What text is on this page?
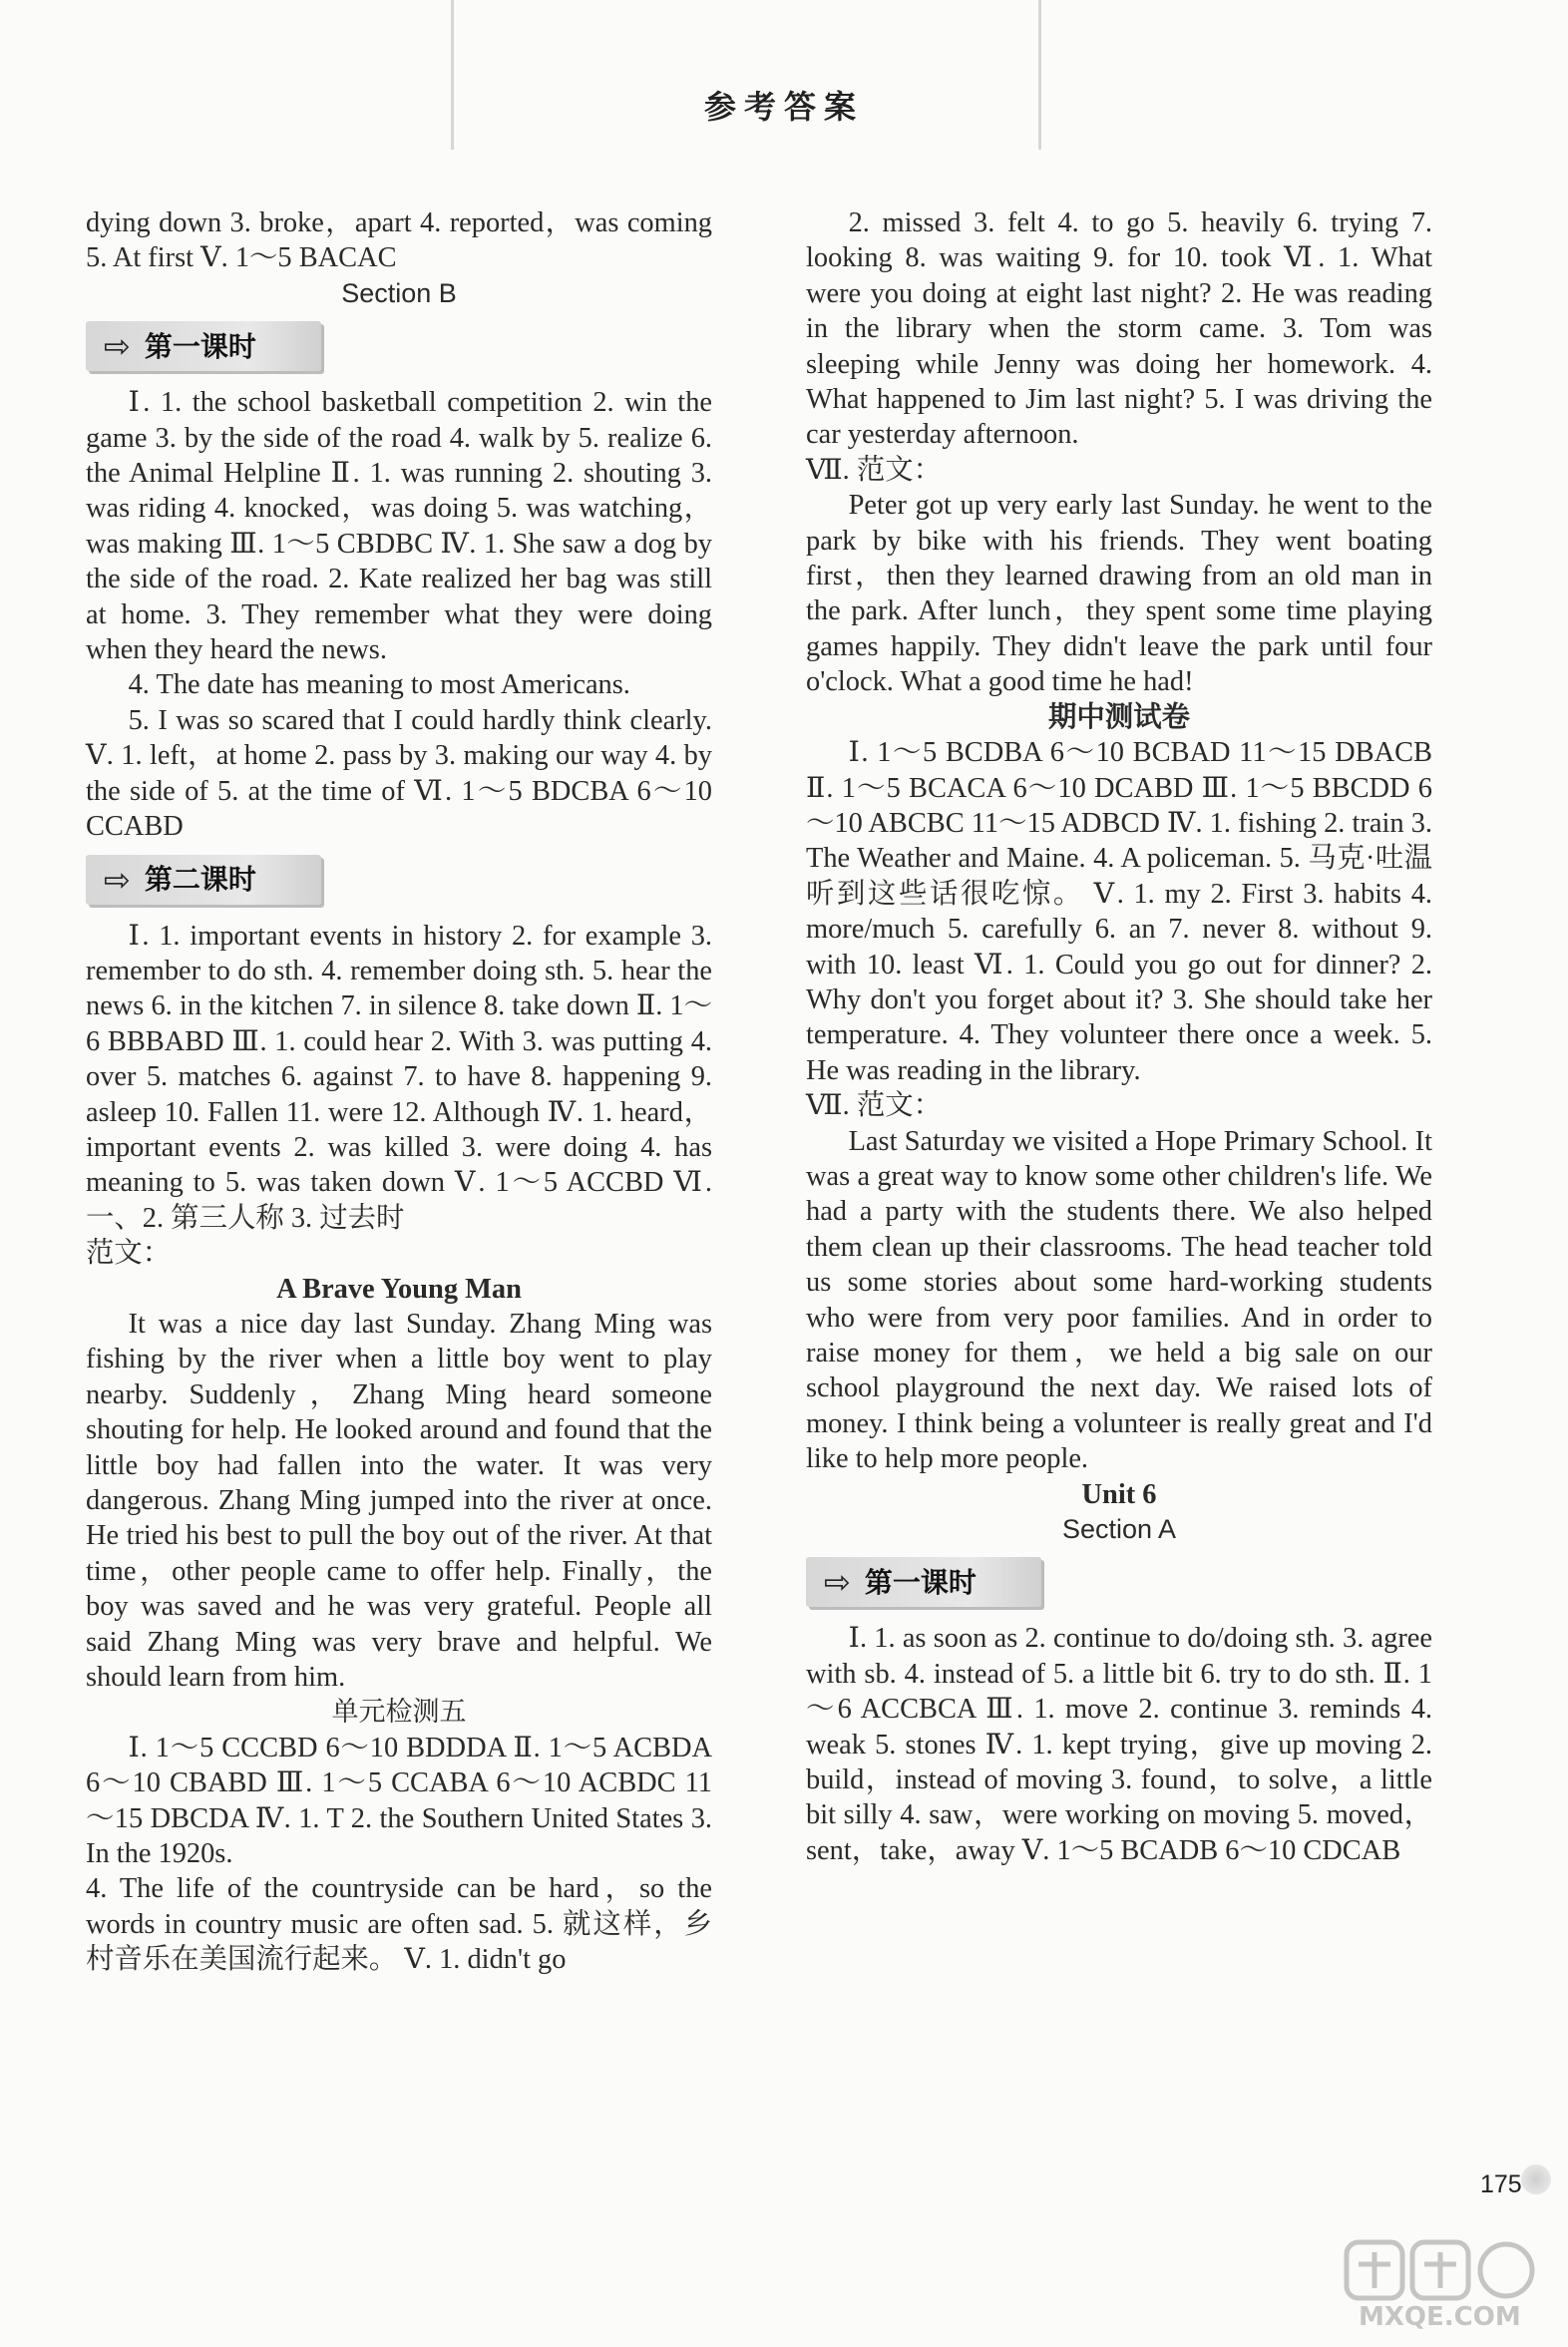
参考答案

dying down 3. broke，apart 4. reported，was coming 5. At first Ⅴ. 1～5 BACAC

Section B

⇨ 第一课时

Ⅰ. 1. the school basketball competition 2. win the game 3. by the side of the road 4. walk by 5. realize 6. the Animal Helpline Ⅱ. 1. was running 2. shouting 3. was riding 4. knocked，was doing 5. was watching，was making Ⅲ. 1～5 CBDBC Ⅳ. 1. She saw a dog by the side of the road. 2. Kate realized her bag was still at home. 3. They remember what they were doing when they heard the news.

4. The date has meaning to most Americans.

5. I was so scared that I could hardly think clearly. Ⅴ. 1. left，at home 2. pass by 3. making our way 4. by the side of 5. at the time of Ⅵ. 1～5 BDCBA 6～10 CCABD

⇨ 第二课时

Ⅰ. 1. important events in history 2. for example 3. remember to do sth. 4. remember doing sth. 5. hear the news 6. in the kitchen 7. in silence 8. take down Ⅱ. 1～6 BBBABD Ⅲ. 1. could hear 2. With 3. was putting 4. over 5. matches 6. against 7. to have 8. happening 9. asleep 10. Fallen 11. were 12. Although Ⅳ. 1. heard，important events 2. was killed 3. were doing 4. has meaning to 5. was taken down Ⅴ. 1～5 ACCBD Ⅵ. 一、2. 第三人称 3. 过去时

范文：

A Brave Young Man

It was a nice day last Sunday. Zhang Ming was fishing by the river when a little boy went to play nearby. Suddenly，Zhang Ming heard someone shouting for help. He looked around and found that the little boy had fallen into the water. It was very dangerous. Zhang Ming jumped into the river at once. He tried his best to pull the boy out of the river. At that time，other people came to offer help. Finally，the boy was saved and he was very grateful. People all said Zhang Ming was very brave and helpful. We should learn from him.

单元检测五

Ⅰ. 1～5 CCCBD 6～10 BDDDA Ⅱ. 1～5 ACBDA 6～10 CBABD Ⅲ. 1～5 CCABA 6～10 ACBDC 11～15 DBCDA Ⅳ. 1. T 2. the Southern United States 3. In the 1920s.

4. The life of the countryside can be hard，so the words in country music are often sad. 5. 就这样，乡村音乐在美国流行起来。 Ⅴ. 1. didn't go

2. missed 3. felt 4. to go 5. heavily 6. trying 7. looking 8. was waiting 9. for 10. took Ⅵ. 1. What were you doing at eight last night? 2. He was reading in the library when the storm came. 3. Tom was sleeping while Jenny was doing her homework. 4. What happened to Jim last night? 5. I was driving the car yesterday afternoon.

Ⅶ. 范文：

Peter got up very early last Sunday. he went to the park by bike with his friends. They went boating first，then they learned drawing from an old man in the park. After lunch，they spent some time playing games happily. They didn't leave the park until four o'clock. What a good time he had!

期中测试卷

Ⅰ. 1～5 BCDBA 6～10 BCBAD 11～15 DBACB Ⅱ. 1～5 BCACA 6～10 DCABD Ⅲ. 1～5 BBCDD 6～10 ABCBC 11～15 ADBCD Ⅳ. 1. fishing 2. train 3. The Weather and Maine. 4. A policeman. 5. 马克·吐温听到这些话很吃惊。 Ⅴ. 1. my 2. First 3. habits 4. more/much 5. carefully 6. an 7. never 8. without 9. with 10. least Ⅵ. 1. Could you go out for dinner? 2. Why don't you forget about it? 3. She should take her temperature. 4. They volunteer there once a week. 5. He was reading in the library.

Ⅶ. 范文：

Last Saturday we visited a Hope Primary School. It was a great way to know some other children's life. We had a party with the students there. We also helped them clean up their classrooms. The head teacher told us some stories about some hard-working students who were from very poor families. And in order to raise money for them，we held a big sale on our school playground the next day. We raised lots of money. I think being a volunteer is really great and I'd like to help more people.

Unit 6

Section A

⇨ 第一课时

Ⅰ. 1. as soon as 2. continue to do/doing sth. 3. agree with sb. 4. instead of 5. a little bit 6. try to do sth. Ⅱ. 1～6 ACCBCA Ⅲ. 1. move 2. continue 3. reminds 4. weak 5. stones Ⅳ. 1. kept trying，give up moving 2. build，instead of moving 3. found，to solve，a little bit silly 4. saw，were working on moving 5. moved，sent，take，away Ⅴ. 1～5 BCADB 6～10 CDCAB

175
MXQE.COM
